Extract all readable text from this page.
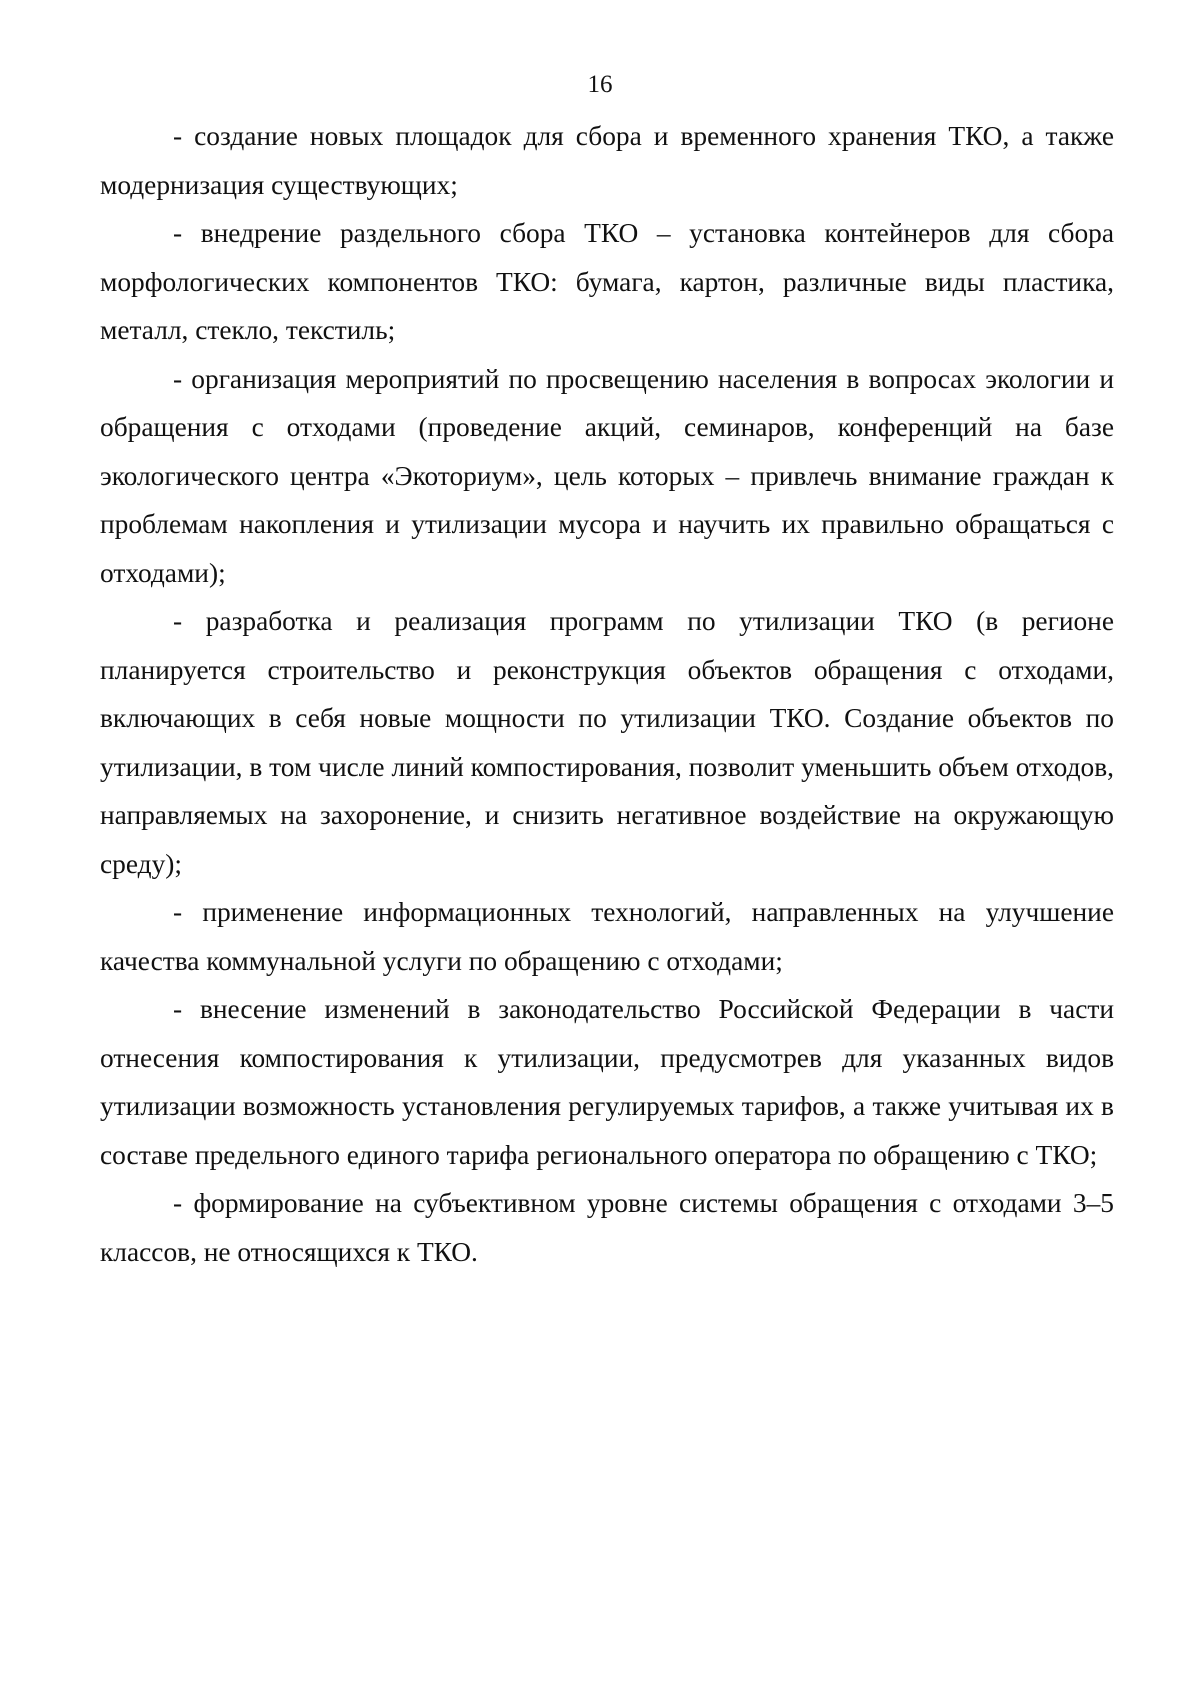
16

- создание новых площадок для сбора и временного хранения ТКО, а также модернизация существующих;

- внедрение раздельного сбора ТКО – установка контейнеров для сбора морфологических компонентов ТКО: бумага, картон, различные виды пластика, металл, стекло, текстиль;

- организация мероприятий по просвещению населения в вопросах экологии и обращения с отходами (проведение акций, семинаров, конференций на базе экологического центра «Экоториум», цель которых – привлечь внимание граждан к проблемам накопления и утилизации мусора и научить их правильно обращаться с отходами);

- разработка и реализация программ по утилизации ТКО (в регионе планируется строительство и реконструкция объектов обращения с отходами, включающих в себя новые мощности по утилизации ТКО. Создание объектов по утилизации, в том числе линий компостирования, позволит уменьшить объем отходов, направляемых на захоронение, и снизить негативное воздействие на окружающую среду);

- применение информационных технологий, направленных на улучшение качества коммунальной услуги по обращению с отходами;

- внесение изменений в законодательство Российской Федерации в части отнесения компостирования к утилизации, предусмотрев для указанных видов утилизации возможность установления регулируемых тарифов, а также учитывая их в составе предельного единого тарифа регионального оператора по обращению с ТКО;

- формирование на субъективном уровне системы обращения с отходами 3–5 классов, не относящихся к ТКО.
